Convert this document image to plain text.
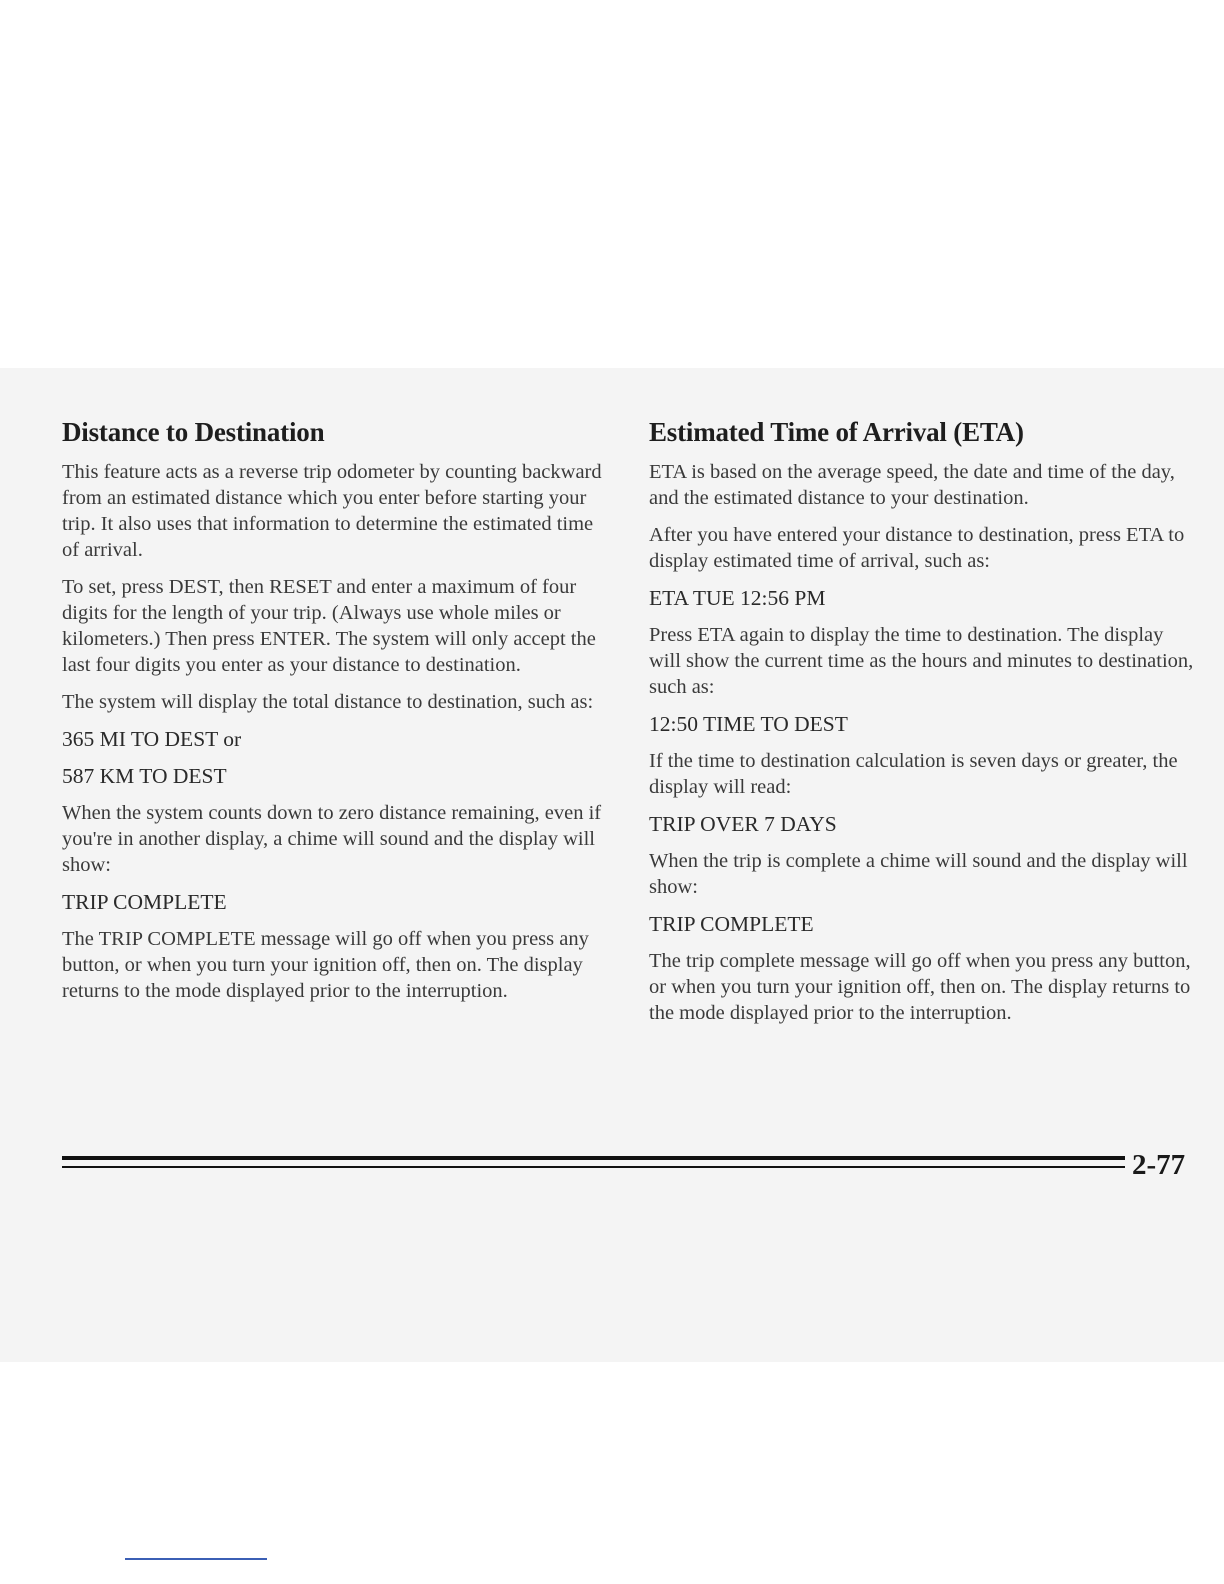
Distance to Destination

This feature acts as a reverse trip odometer by counting backward from an estimated distance which you enter before starting your trip. It also uses that information to determine the estimated time of arrival.

To set, press DEST, then RESET and enter a maximum of four digits for the length of your trip. (Always use whole miles or kilometers.) Then press ENTER. The system will only accept the last four digits you enter as your distance to destination.

The system will display the total distance to destination, such as:

365 MI TO DEST or

587 KM TO DEST

When the system counts down to zero distance remaining, even if you're in another display, a chime will sound and the display will show:

TRIP COMPLETE

The TRIP COMPLETE message will go off when you press any button, or when you turn your ignition off, then on. The display returns to the mode displayed prior to the interruption.

Estimated Time of Arrival (ETA)

ETA is based on the average speed, the date and time of the day, and the estimated distance to your destination.

After you have entered your distance to destination, press ETA to display estimated time of arrival, such as:

ETA TUE 12:56 PM

Press ETA again to display the time to destination. The display will show the current time as the hours and minutes to destination, such as:

12:50 TIME TO DEST

If the time to destination calculation is seven days or greater, the display will read:

TRIP OVER 7 DAYS

When the trip is complete a chime will sound and the display will show:

TRIP COMPLETE

The trip complete message will go off when you press any button, or when you turn your ignition off, then on. The display returns to the mode displayed prior to the interruption.

2-77
